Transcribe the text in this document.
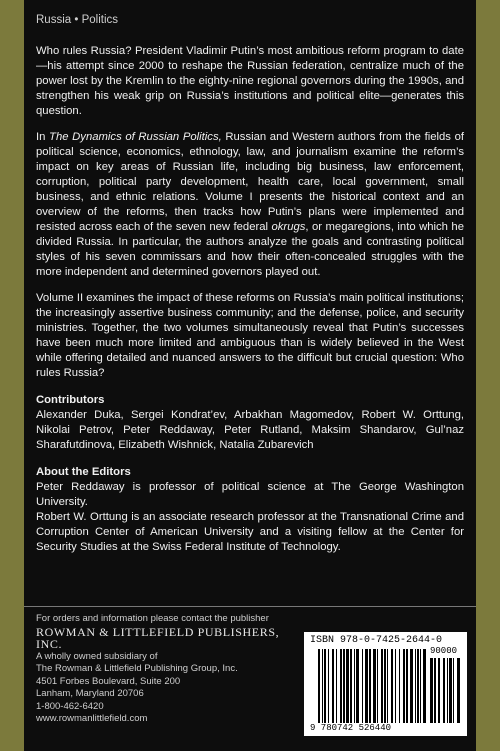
Russia • Politics

Who rules Russia? President Vladimir Putin’s most ambitious reform program to date—his attempt since 2000 to reshape the Russian federation, centralize much of the power lost by the Kremlin to the eighty-nine regional governors during the 1990s, and strengthen his weak grip on Russia’s institutions and political elite—generates this question.

In The Dynamics of Russian Politics, Russian and Western authors from the fields of political science, economics, ethnology, law, and journalism examine the reform’s impact on key areas of Russian life, including big business, law enforcement, corruption, political party development, health care, local government, small business, and ethnic relations. Volume I presents the historical context and an overview of the reforms, then tracks how Putin’s plans were implemented and resisted across each of the seven new federal okrugs, or megaregions, into which he divided Russia. In particular, the authors analyze the goals and contrasting political styles of his seven commissars and how their often-concealed struggles with the more independent and determined governors played out.

Volume II examines the impact of these reforms on Russia’s main political institutions; the increasingly assertive business community; and the defense, police, and security ministries. Together, the two volumes simultaneously reveal that Putin’s successes have been much more limited and ambiguous than is widely believed in the West while offering detailed and nuanced answers to the difficult but crucial question: Who rules Russia?

Contributors

Alexander Duka, Sergei Kondrat’ev, Arbakhan Magomedov, Robert W. Orttung, Nikolai Petrov, Peter Reddaway, Peter Rutland, Maksim Shandarov, Gul’naz Sharafutdinova, Elizabeth Wishnick, Natalia Zubarevich

About the Editors

Peter Reddaway is professor of political science at The George Washington University.

Robert W. Orttung is an associate research professor at the Transnational Crime and Corruption Center of American University and a visiting fellow at the Center for Security Studies at the Swiss Federal Institute of Technology.

For orders and information please contact the publisher
ROWMAN & LITTLEFIELD PUBLISHERS, INC.
A wholly owned subsidiary of
The Rowman & Littlefield Publishing Group, Inc.
4501 Forbes Boulevard, Suite 200
Lanham, Maryland 20706
1-800-462-6420
www.rowmanlittlefield.com
ISBN 978-0-7425-2644-0
9 780742 526440
90000
